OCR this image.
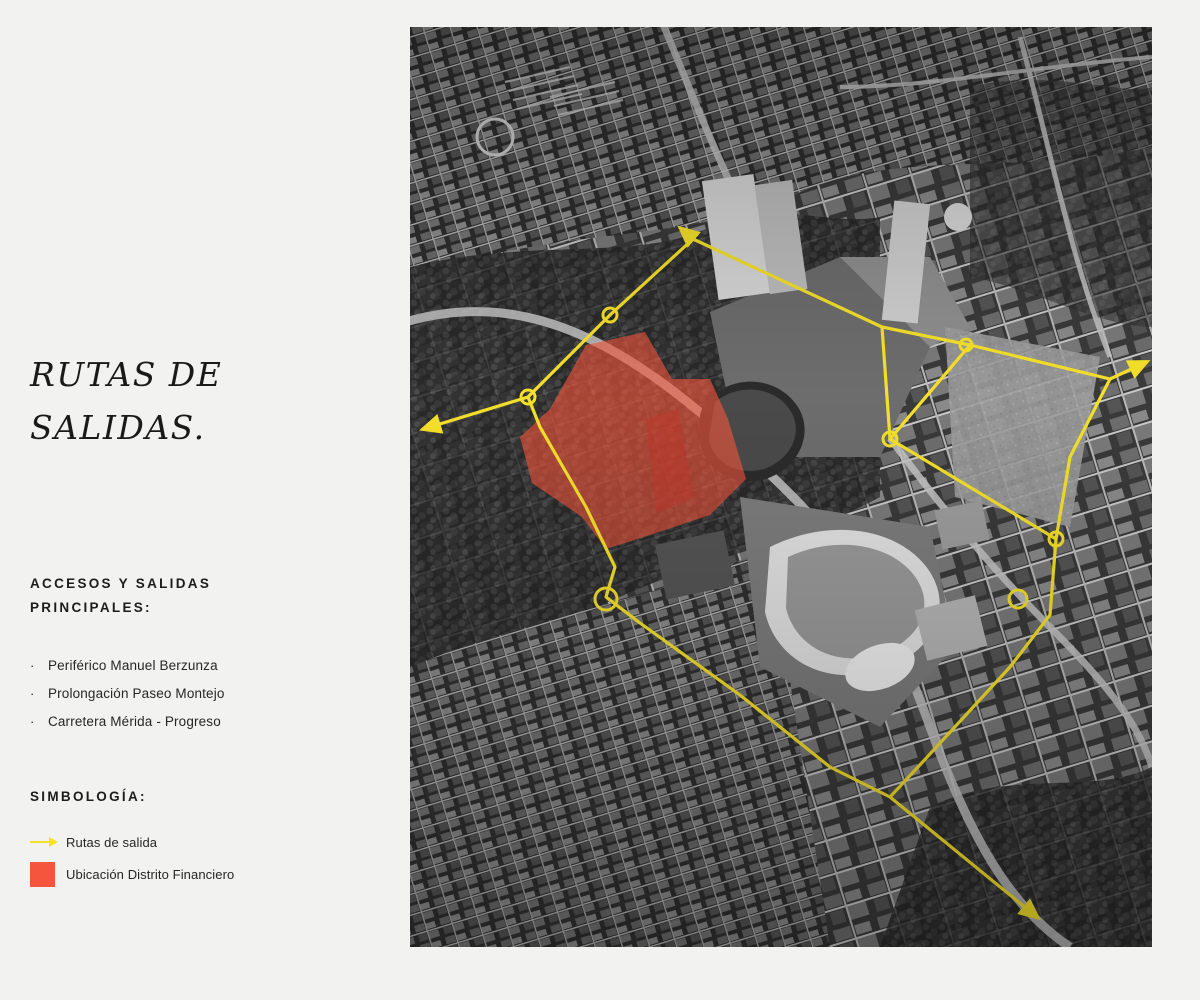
RUTAS DE
SALIDAS.
ACCESOS Y SALIDAS
PRINCIPALES:
·	Periférico Manuel Berzunza
·	Prolongación Paseo Montejo
·	Carretera Mérida - Progreso
SIMBOLOGÍA:
Rutas de salida
Ubicación Distrito Financiero
